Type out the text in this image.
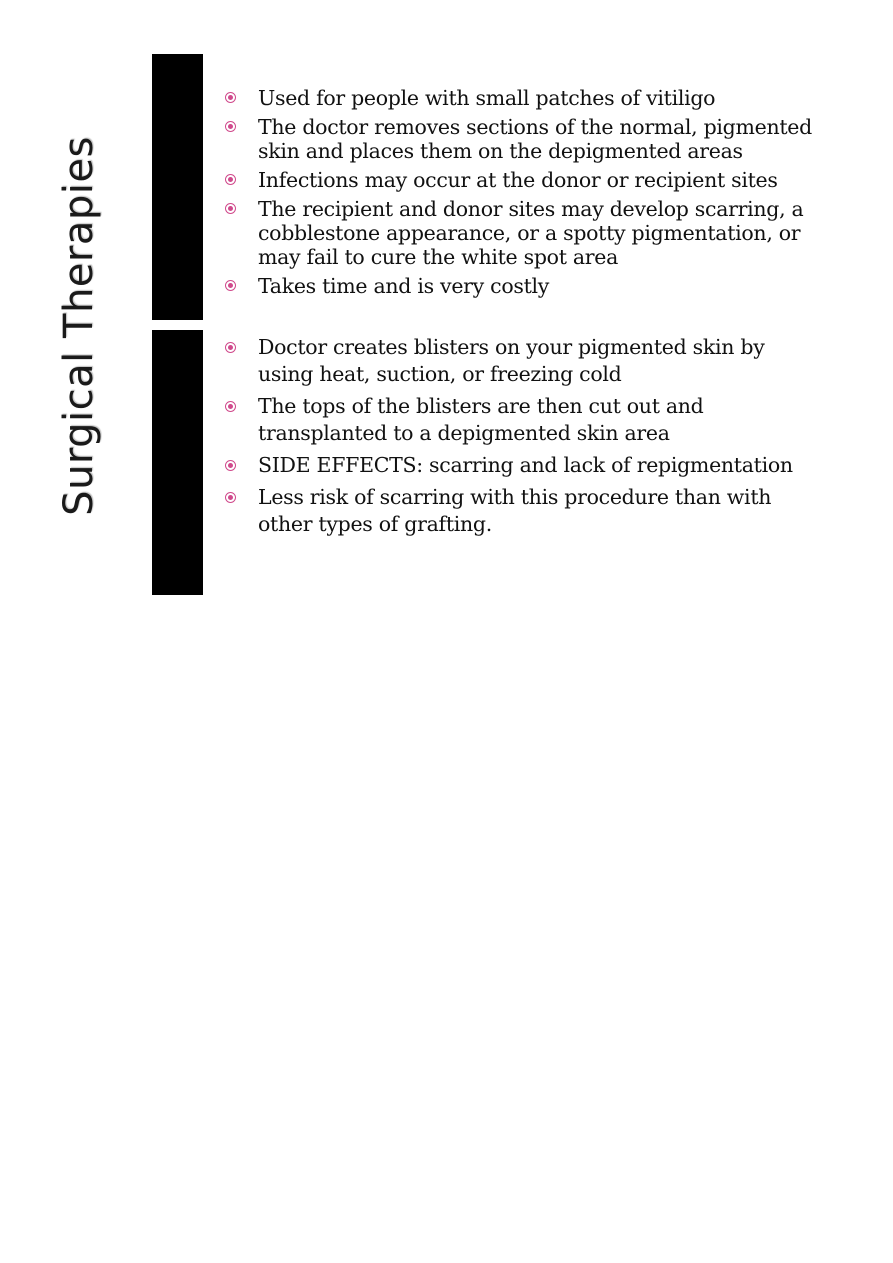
Surgical Therapies
Used for people with small patches of vitiligo
The doctor removes sections of the normal, pigmented skin and places them on the depigmented areas
Infections may occur at the donor or recipient sites
The recipient and donor sites may develop scarring, a cobblestone appearance, or a spotty pigmentation, or may fail to cure the white spot area
Takes time and is very costly
Doctor creates blisters on your pigmented skin by using heat, suction, or freezing cold
The tops of the blisters are then cut out and transplanted to a depigmented skin area
SIDE EFFECTS: scarring and lack of repigmentation
Less risk of scarring with this procedure than with other types of grafting.
